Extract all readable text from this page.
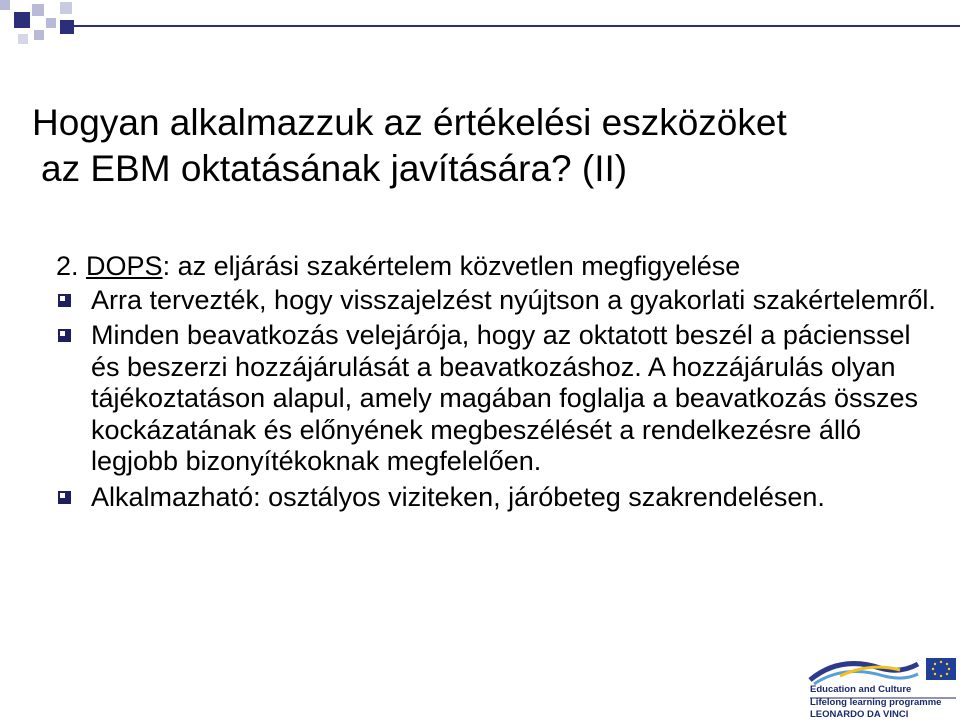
Hogyan alkalmazzuk az értékelési eszközöket
az EBM oktatásának javítására? (II)
2. DOPS: az eljárási szakértelem közvetlen megfigyelése
Arra tervezték, hogy visszajelzést nyújtson a gyakorlati szakértelemről.
Minden beavatkozás velejárója, hogy az oktatott beszél a pácienssel és beszerzi hozzájárulását a beavatkozáshoz. A hozzájárulás olyan tájékoztatáson alapul, amely magában foglalja a beavatkozás összes kockázatának és előnyének megbeszélését a rendelkezésre álló legjobb bizonyítékoknak megfelelően.
Alkalmazható: osztályos viziteken, járóbeteg szakrendelésen.
Education and Culture
Lifelong learning programme
LEONARDO DA VINCI
